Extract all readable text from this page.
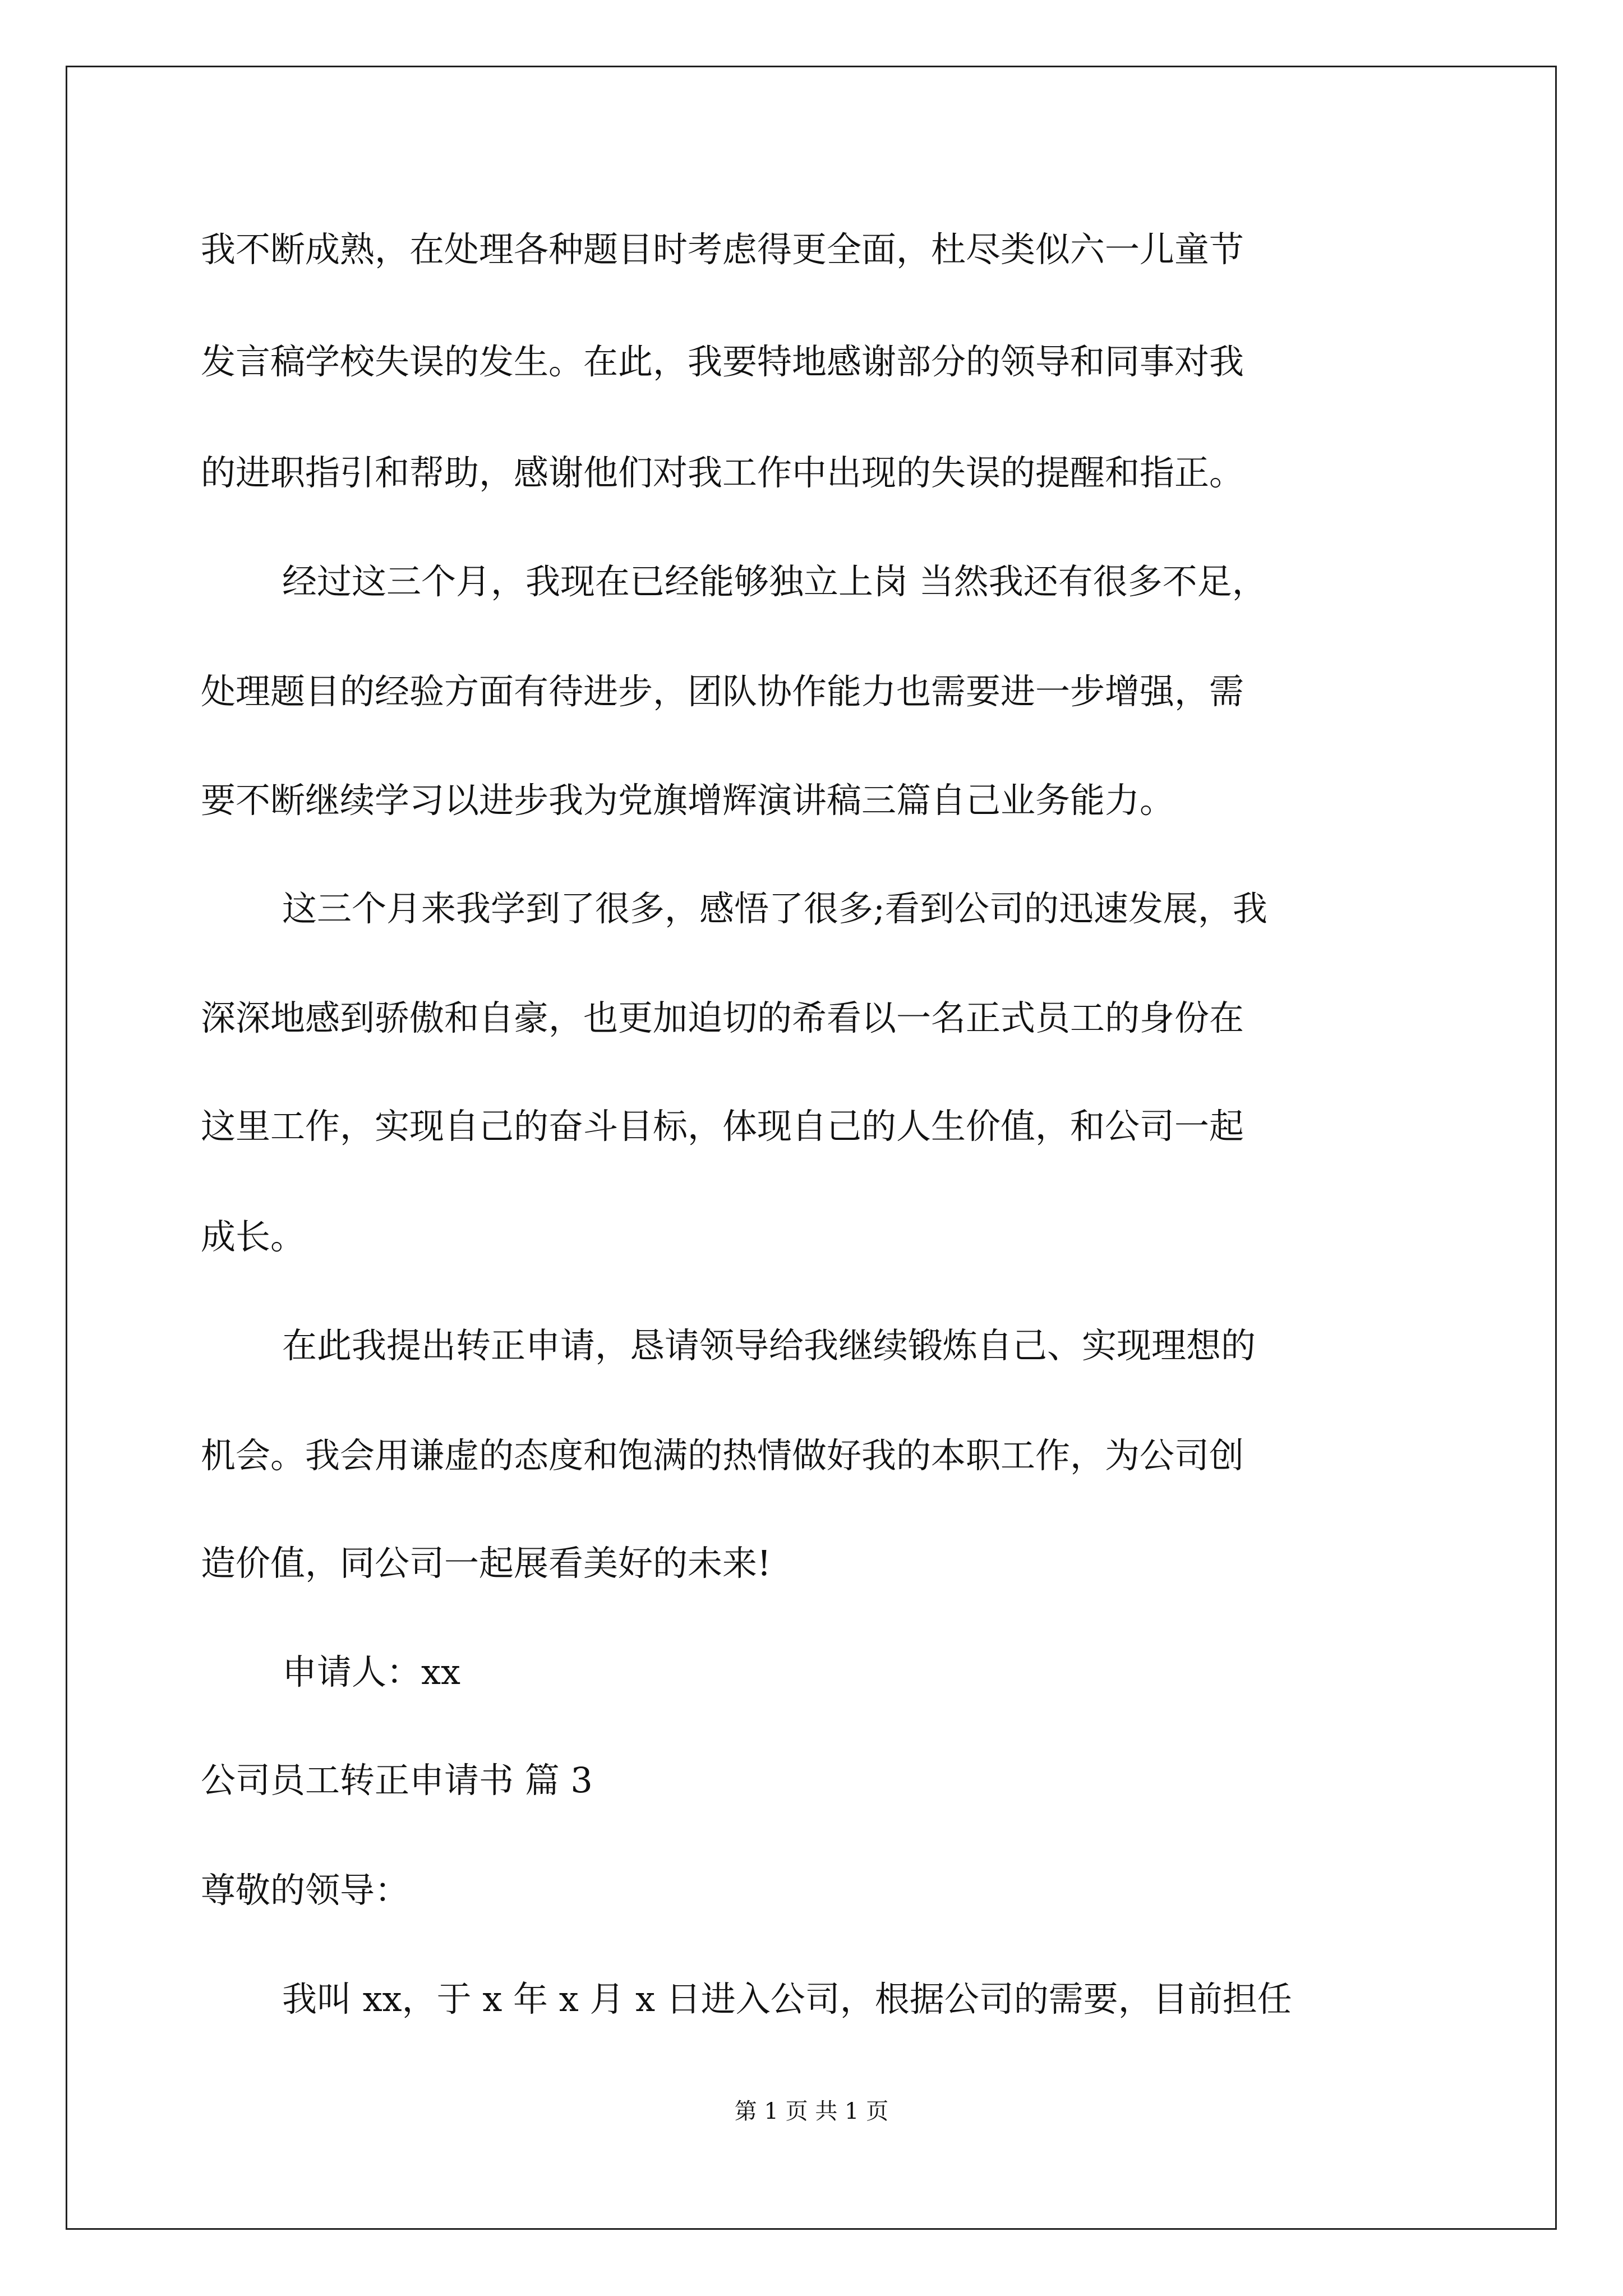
我不断成熟，在处理各种题目时考虑得更全面，杜尽类似六一儿童节
发言稿学校失误的发生。在此，我要特地感谢部分的领导和同事对我
的进职指引和帮助，感谢他们对我工作中出现的失误的提醒和指正。
经过这三个月，我现在已经能够独立上岗 当然我还有很多不足，
处理题目的经验方面有待进步，团队协作能力也需要进一步增强，需
要不断继续学习以进步我为党旗增辉演讲稿三篇自己业务能力。
这三个月来我学到了很多，感悟了很多;看到公司的迅速发展，我
深深地感到骄傲和自豪，也更加迫切的希看以一名正式员工的身份在
这里工作，实现自己的奋斗目标，体现自己的人生价值，和公司一起
成长。
在此我提出转正申请，恳请领导给我继续锻炼自己、实现理想的
机会。我会用谦虚的态度和饱满的热情做好我的本职工作，为公司创
造价值，同公司一起展看美好的未来!
申请人：xx
公司员工转正申请书 篇 3
尊敬的领导：
我叫 xx，于 x 年 x 月 x 日进入公司，根据公司的需要，目前担任
第 1 页 共 1 页
